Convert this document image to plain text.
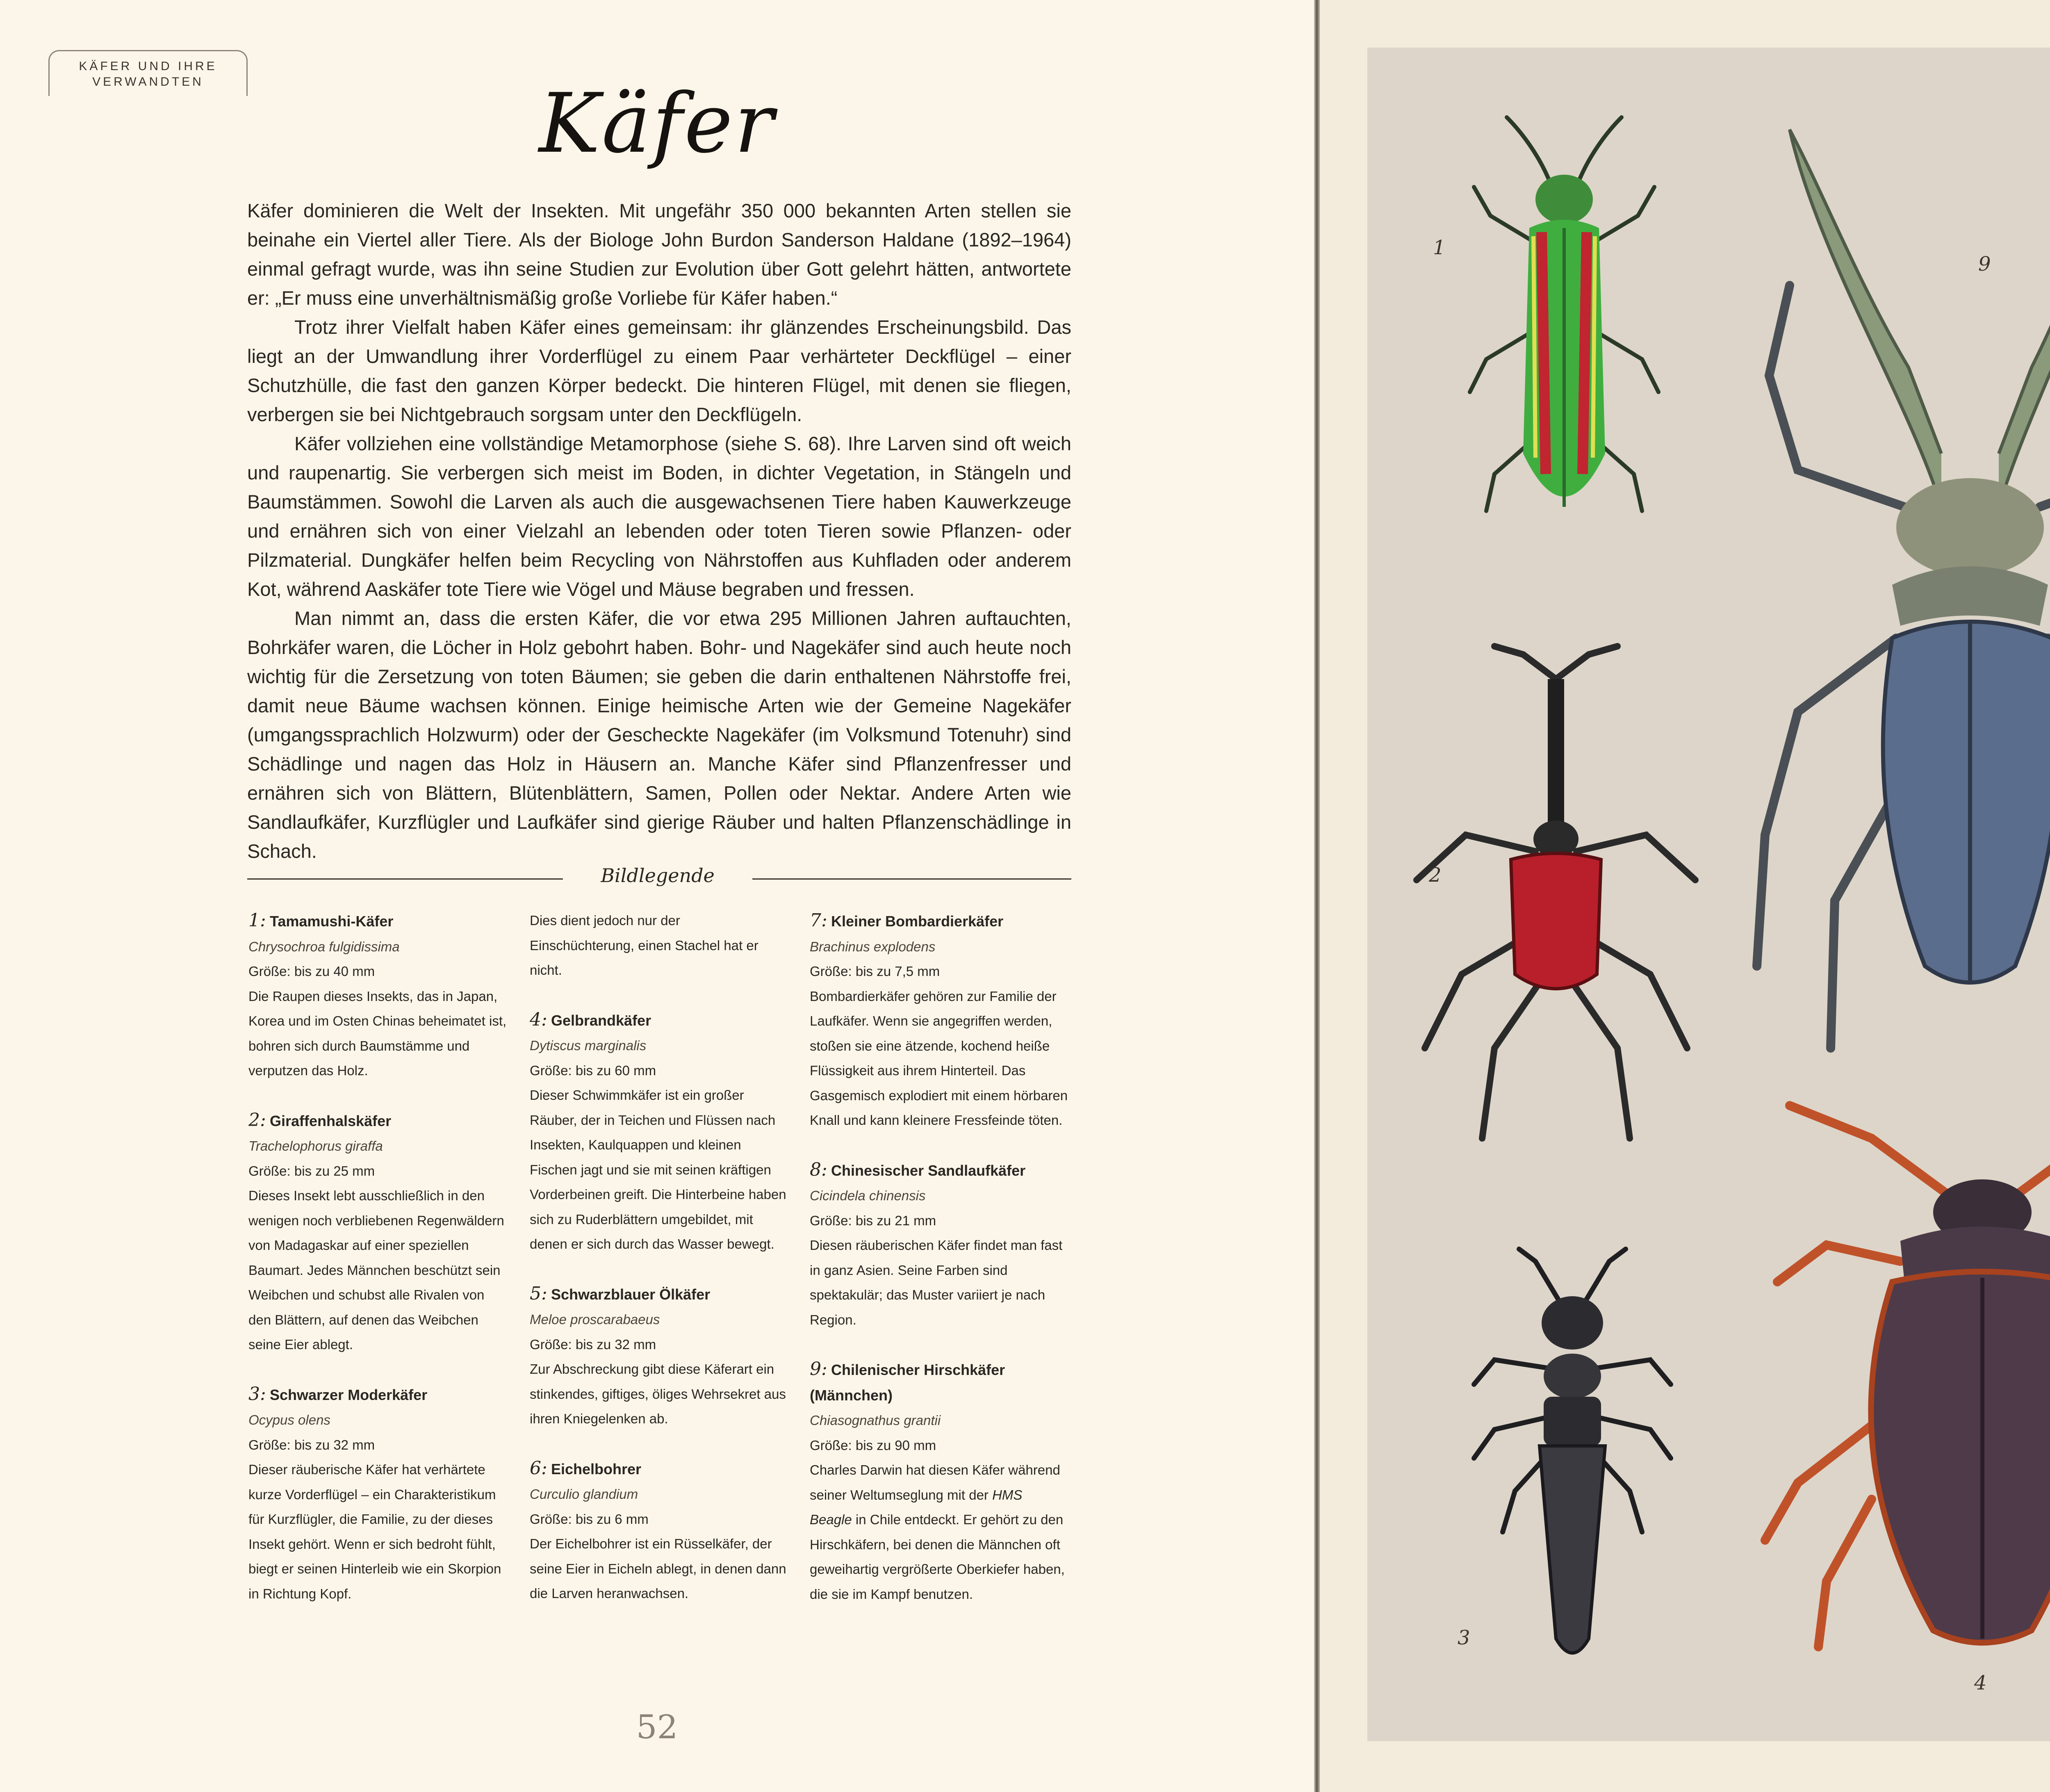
KÄFER UND IHRE
VERWANDTEN	Käfer

Käfer dominieren die Welt der Insekten. Mit ungefähr 350 000 bekannten Arten stellen sie beinahe ein Viertel aller Tiere. Als der Biologe John Burdon Sanderson Haldane (1892–1964) einmal gefragt wurde, was ihn seine Studien zur Evolution über Gott gelehrt hätten, antwortete er: „Er muss eine unverhältnismäßig große Vorliebe für Käfer haben.“

Trotz ihrer Vielfalt haben Käfer eines gemeinsam: ihr glänzendes Erscheinungsbild. Das liegt an der Umwandlung ihrer Vorderflügel zu einem Paar verhärteter Deckflügel – einer Schutzhülle, die fast den ganzen Körper bedeckt. Die hinteren Flügel, mit denen sie fliegen, verbergen sie bei Nichtgebrauch sorgsam unter den Deckflügeln.

Käfer vollziehen eine vollständige Metamorphose (siehe S. 68). Ihre Larven sind oft weich und raupenartig. Sie verbergen sich meist im Boden, in dichter Vegetation, in Stängeln und Baumstämmen. Sowohl die Larven als auch die ausgewachsenen Tiere haben Kauwerkzeuge und ernähren sich von einer Vielzahl an lebenden oder toten Tieren sowie Pflanzen- oder Pilzmaterial. Dungkäfer helfen beim Recycling von Nährstoffen aus Kuhfladen oder anderem Kot, während Aaskäfer tote Tiere wie Vögel und Mäuse begraben und fressen.

Man nimmt an, dass die ersten Käfer, die vor etwa 295 Millionen Jahren auftauchten, Bohrkäfer waren, die Löcher in Holz gebohrt haben. Bohr- und Nagekäfer sind auch heute noch wichtig für die Zersetzung von toten Bäumen; sie geben die darin enthaltenen Nährstoffe frei, damit neue Bäume wachsen können. Einige heimische Arten wie der Gemeine Nagekäfer (umgangssprachlich Holzwurm) oder der Gescheckte Nagekäfer (im Volksmund Totenuhr) sind Schädlinge und nagen das Holz in Häusern an. Manche Käfer sind Pflanzenfresser und ernähren sich von Blättern, Blütenblättern, Samen, Pollen oder Nektar. Andere Arten wie Sandlaufkäfer, Kurzflügler und Laufkäfer sind gierige Räuber und halten Pflanzenschädlinge in Schach.

Bildlegende
1: Tamamushi-Käfer
Chrysochroa fulgidissima
Größe: bis zu 40 mm
Die Raupen dieses Insekts, das in Japan, Korea und im Osten Chinas beheimatet ist, bohren sich durch Baumstämme und verputzen das Holz.
2: Giraffenhalskäfer
Trachelophorus giraffa
Größe: bis zu 25 mm
Dieses Insekt lebt ausschließlich in den wenigen noch verbliebenen Regenwäldern von Madagaskar auf einer speziellen Baumart. Jedes Männchen beschützt sein Weibchen und schubst alle Rivalen von den Blättern, auf denen das Weibchen seine Eier ablegt.
3: Schwarzer Moderkäfer
Ocypus olens
Größe: bis zu 32 mm
Dieser räuberische Käfer hat verhärtete kurze Vorderflügel – ein Charakteristikum für Kurzflügler, die Familie, zu der dieses Insekt gehört. Wenn er sich bedroht fühlt, biegt er seinen Hinterleib wie ein Skorpion in Richtung Kopf.
Dies dient jedoch nur der Einschüchterung, einen Stachel hat er nicht.
4: Gelbrandkäfer
Dytiscus marginalis
Größe: bis zu 60 mm
Dieser Schwimmkäfer ist ein großer Räuber, der in Teichen und Flüssen nach Insekten, Kaulquappen und kleinen Fischen jagt und sie mit seinen kräftigen Vorderbeinen greift. Die Hinterbeine haben sich zu Ruderblättern umgebildet, mit denen er sich durch das Wasser bewegt.
5: Schwarzblauer Ölkäfer
Meloe proscarabaeus
Größe: bis zu 32 mm
Zur Abschreckung gibt diese Käferart ein stinkendes, giftiges, öliges Wehrsekret aus ihren Kniegelenken ab.
6: Eichelbohrer
Curculio glandium
Größe: bis zu 6 mm
Der Eichelbohrer ist ein Rüsselkäfer, der seine Eier in Eicheln ablegt, in denen dann die Larven heranwachsen.
7: Kleiner Bombardierkäfer
Brachinus explodens
Größe: bis zu 7,5 mm
Bombardierkäfer gehören zur Familie der Laufkäfer. Wenn sie angegriffen werden, stoßen sie eine ätzende, kochend heiße Flüssigkeit aus ihrem Hinterteil. Das Gasgemisch explodiert mit einem hörbaren Knall und kann kleinere Fressfeinde töten.
8: Chinesischer Sandlaufkäfer
Cicindela chinensis
Größe: bis zu 21 mm
Diesen räuberischen Käfer findet man fast in ganz Asien. Seine Farben sind spektakulär; das Muster variiert je nach Region.
9: Chilenischer Hirschkäfer (Männchen)
Chiasognathus grantii
Größe: bis zu 90 mm
Charles Darwin hat diesen Käfer während seiner Weltumseglung mit der HMS Beagle in Chile entdeckt. Er gehört zu den Hirschkäfern, bei denen die Männchen oft geweihartig vergrößerte Oberkiefer haben, die sie im Kampf benutzen.
52
1
9
2
4
3
